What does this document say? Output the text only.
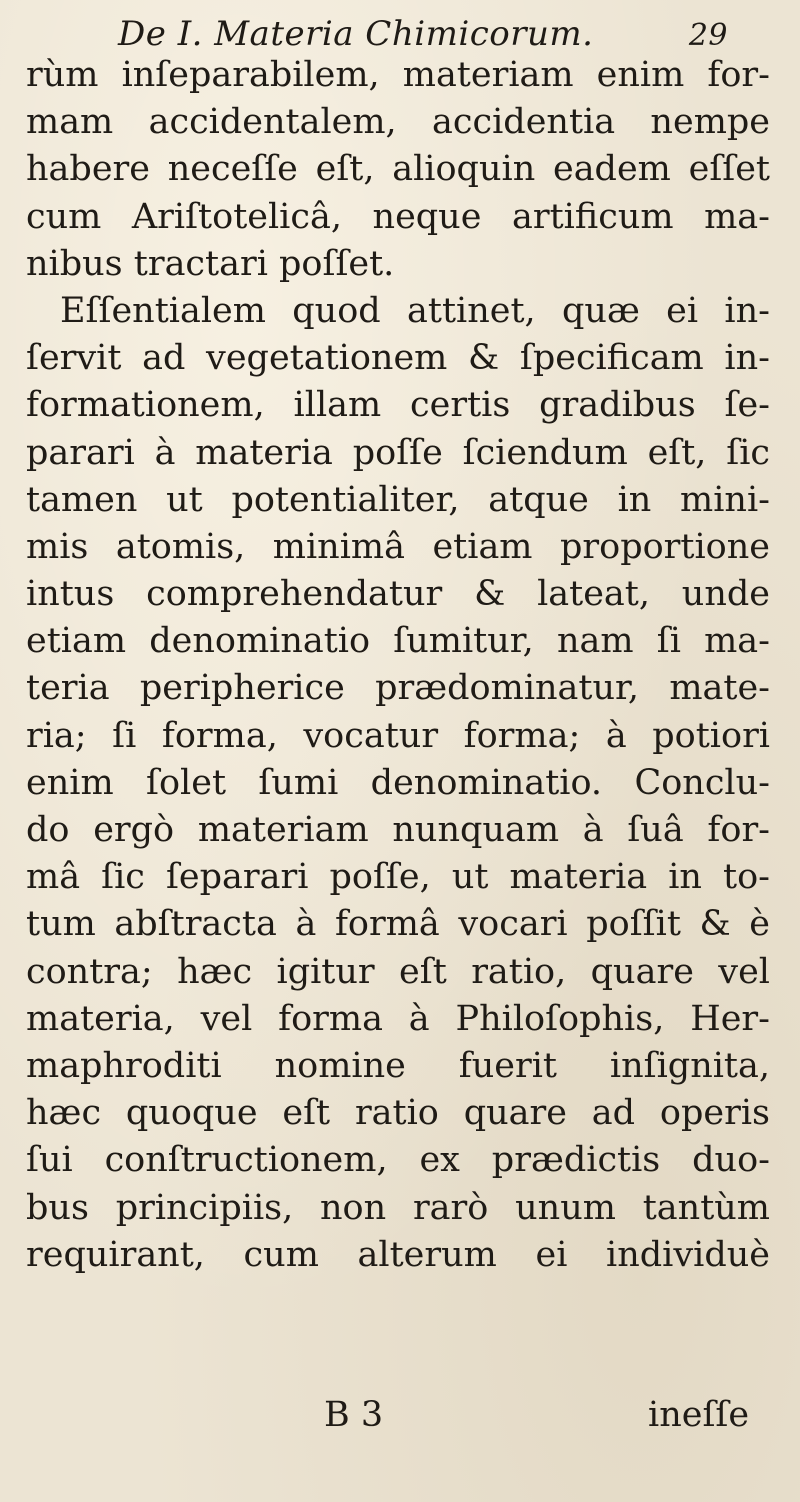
De I. Materia Chimicorum.	29
rùm inſeparabilem, materiam enim for-
mam accidentalem, accidentia nempe
habere neceſſe eſt, alioquin eadem eſſet
cum Ariſtotelicâ, neque artificum ma-
nibus tractari poſſet.
Eſſentialem quod attinet, quæ ei in-
ſervit ad vegetationem & ſpecificam in-
formationem, illam certis gradibus ſe-
parari à materia poſſe ſciendum eſt, ſic
tamen ut potentialiter, atque in mini-
mis atomis, minimâ etiam proportione
intus comprehendatur & lateat, unde
etiam denominatio ſumitur, nam ſi ma-
teria peripherice prædominatur, mate-
ria; ſi forma, vocatur forma; à potiori
enim ſolet ſumi denominatio. Conclu-
do ergò materiam nunquam à ſuâ for-
mâ ſic ſeparari poſſe, ut materia in to-
tum abſtracta à formâ vocari poſſit & è
contra; hæc igitur eſt ratio, quare vel
materia, vel forma à Philoſophis, Her-
maphroditi nomine fuerit inſignita,
hæc quoque eſt ratio quare ad operis
ſui conſtructionem, ex prædictis duo-
bus principiis, non rarò unum tantùm
requirant, cum alterum ei individuè
B 3	ineſſe
